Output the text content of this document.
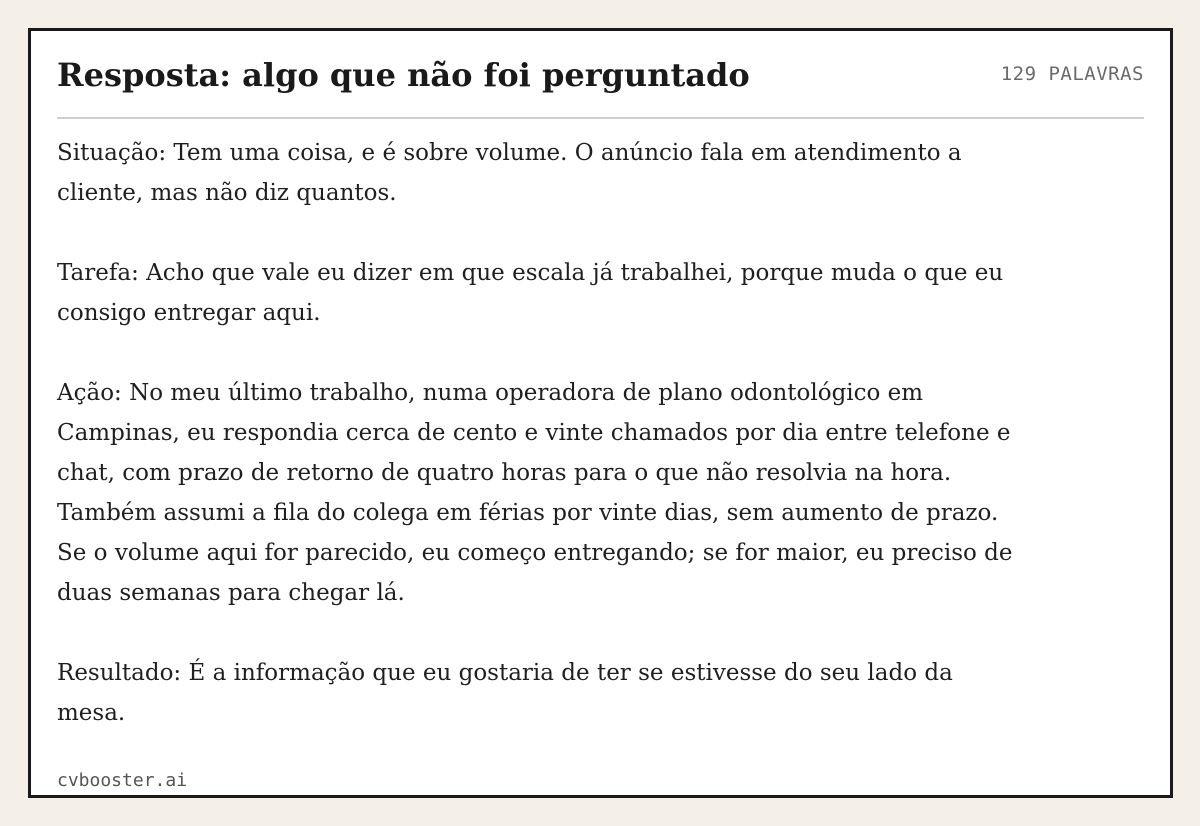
Resposta: algo que não foi perguntado	129 PALAVRAS

Situação: Tem uma coisa, e é sobre volume. O anúncio fala em atendimento a cliente, mas não diz quantos.

Tarefa: Acho que vale eu dizer em que escala já trabalhei, porque muda o que eu consigo entregar aqui.

Ação: No meu último trabalho, numa operadora de plano odontológico em Campinas, eu respondia cerca de cento e vinte chamados por dia entre telefone e chat, com prazo de retorno de quatro horas para o que não resolvia na hora. Também assumi a fila do colega em férias por vinte dias, sem aumento de prazo. Se o volume aqui for parecido, eu começo entregando; se for maior, eu preciso de duas semanas para chegar lá.

Resultado: É a informação que eu gostaria de ter se estivesse do seu lado da mesa.

cvbooster.ai
